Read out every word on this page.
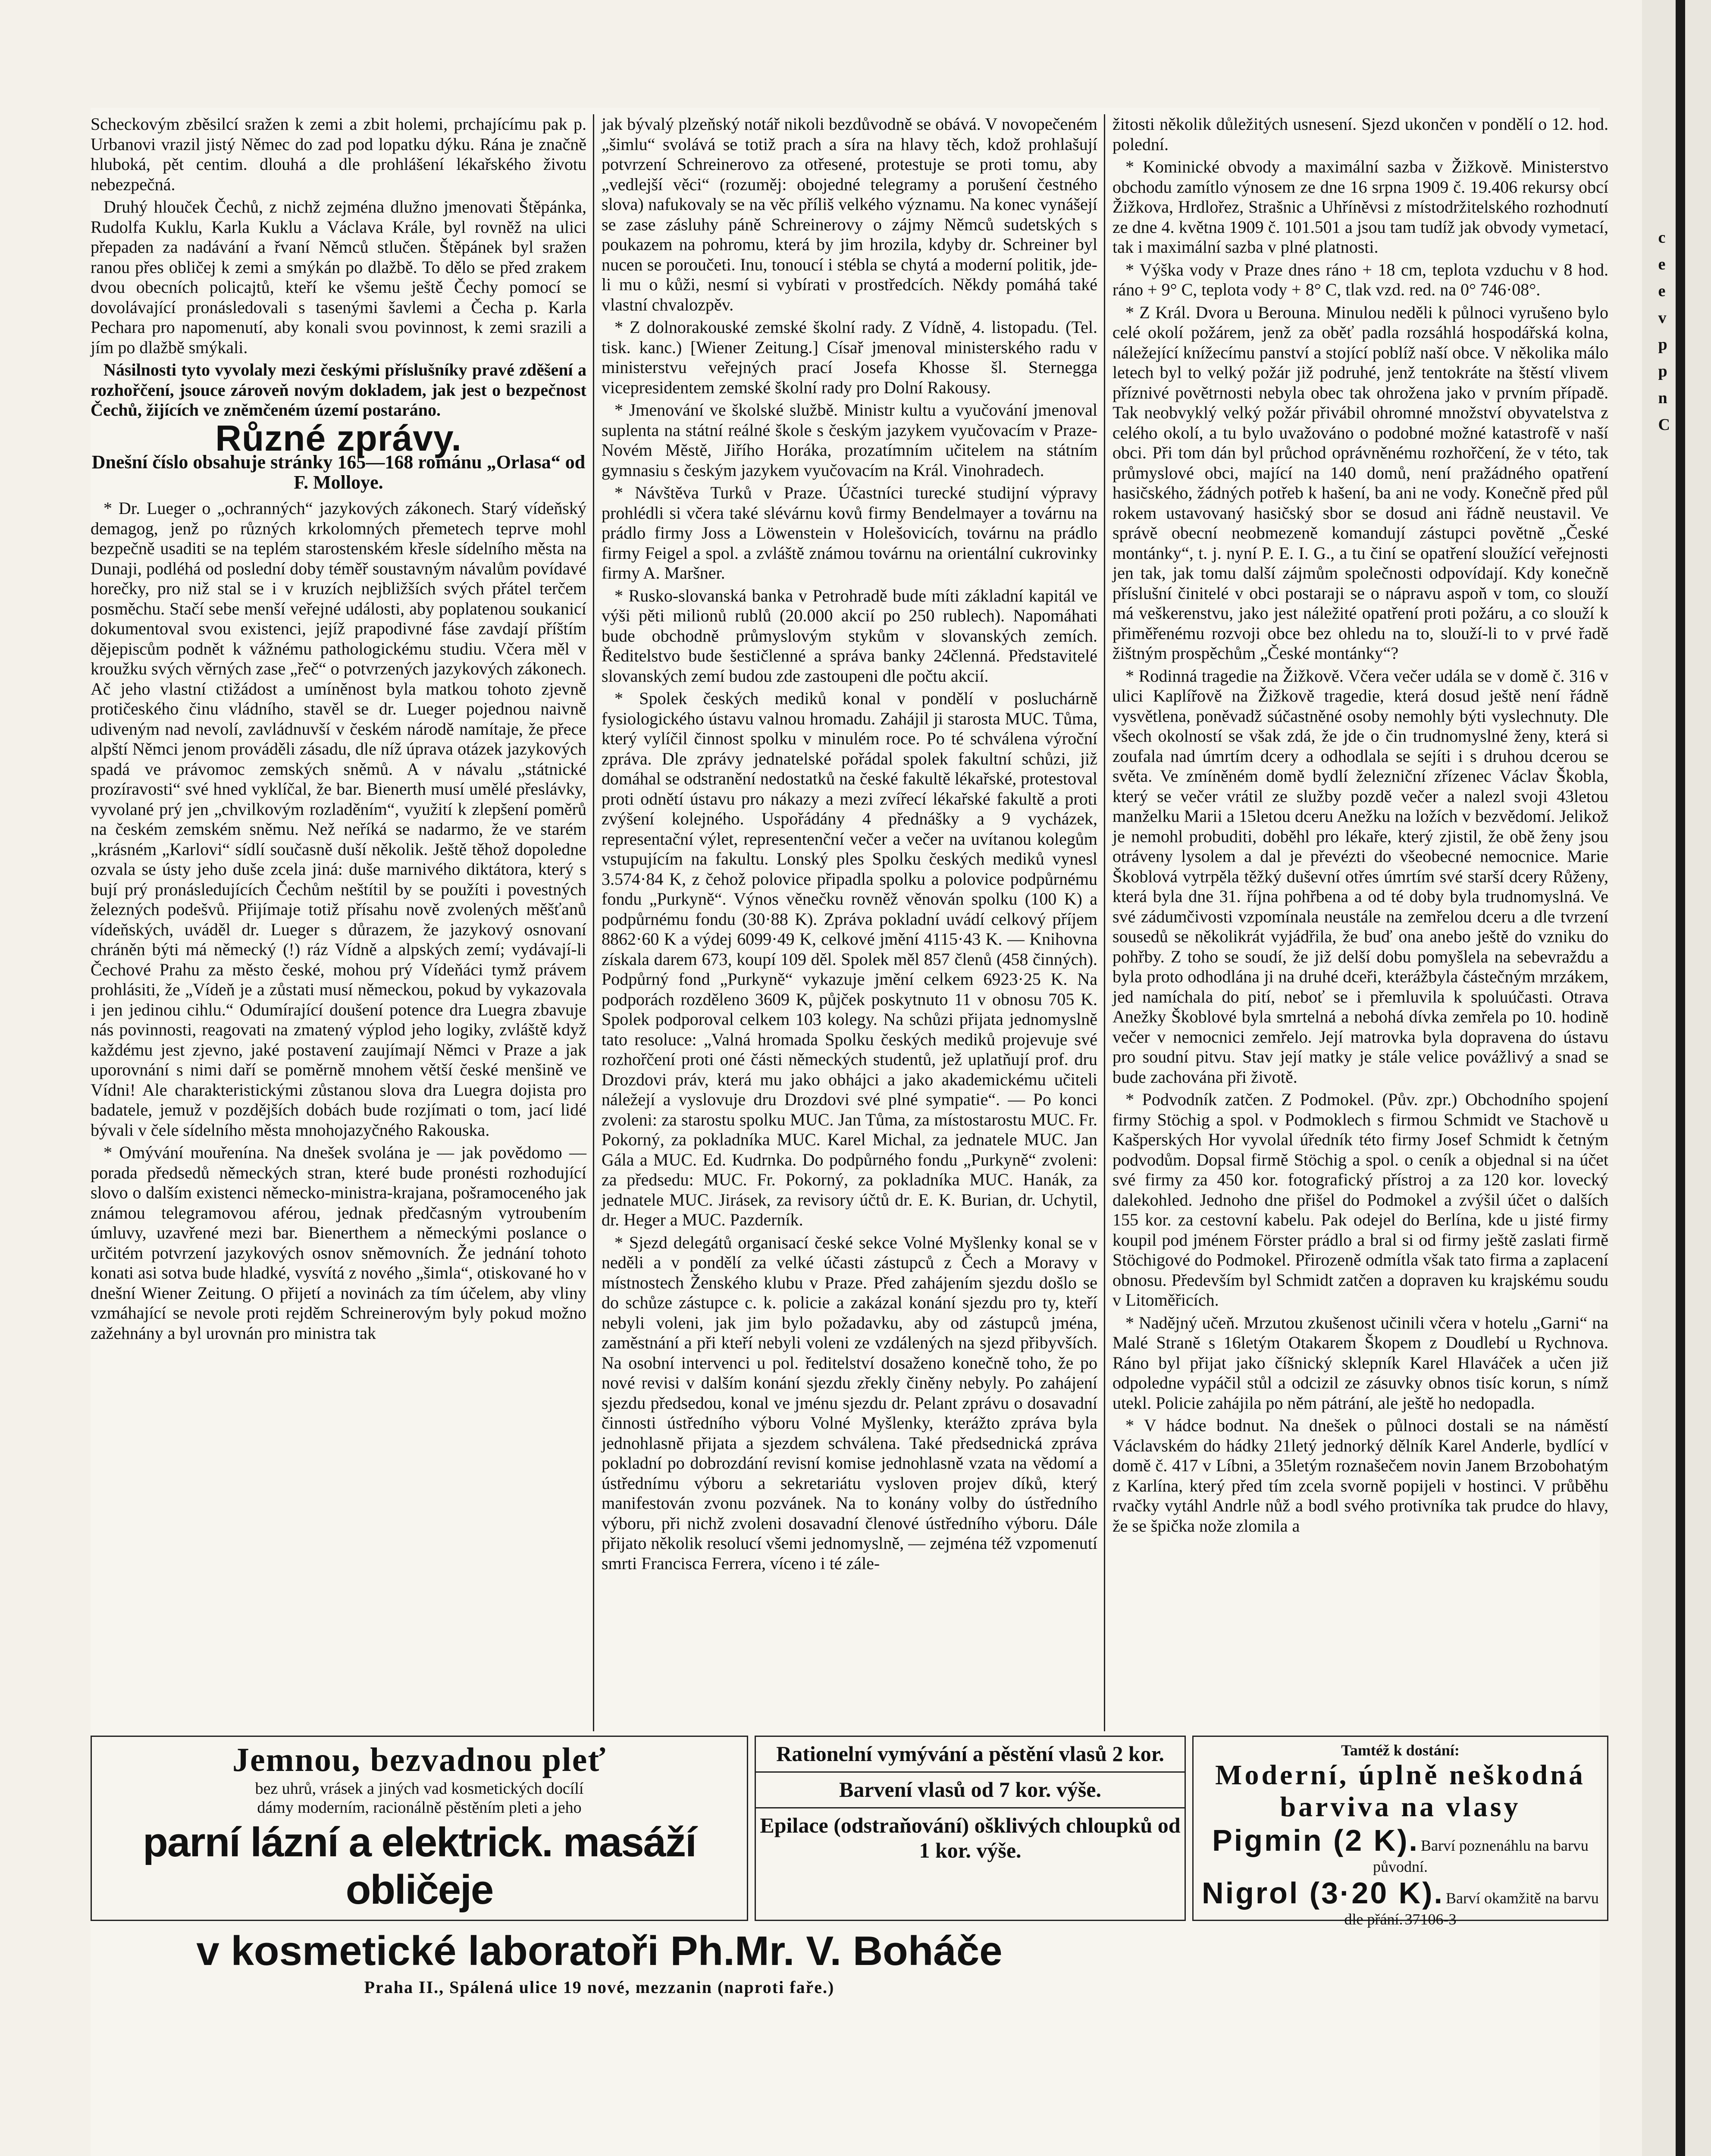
Scheckovým zběsilcí sražen k zemi a zbit holemi, prchajícímu pak p. Urbanovi vrazil jistý Němec do zad pod lopatku dýku. Rána je značně hluboká, pět centim. dlouhá a dle prohlášení lékařského životu nebezpečná.

Druhý hlouček Čechů, z nichž zejména dlužno jmenovati Štěpánka, Rudolfa Kuklu, Karla Kuklu a Václava Krále, byl rovněž na ulici přepaden za nadávání a řvaní Němců stlučen. Štěpánek byl sražen ranou přes obličej k zemi a smýkán po dlažbě. To dělo se před zrakem dvou obecních policajtů, kteří ke všemu ještě Čechy pomocí se dovolávající pronásledovali s tasenými šavlemi a Čecha p. Karla Pechara pro napomenutí, aby konali svou povinnost, k zemi srazili a jím po dlažbě smýkali.

Násilnosti tyto vyvolaly mezi českými příslušníky pravé zděšení a rozhořčení, jsouce zároveň novým dokladem, jak jest o bezpečnost Čechů, žijících ve zněmčeném území postaráno.

Různé zprávy.
Dnešní číslo obsahuje stránky 165—168 románu „Orlasa“ od F. Molloye.

* Dr. Lueger o „ochranných“ jazykových zákonech. Starý vídeňský demagog, jenž po různých krkolomných přemetech teprve mohl bezpečně usaditi se na teplém starostenském křesle sídelního města na Dunaji, podléhá od poslední doby téměř soustavným návalům povídavé horečky, pro niž stal se i v kruzích nejbližších svých přátel terčem posměchu. Stačí sebe menší veřejné události, aby poplatenou soukanicí dokumentoval svou existenci, jejíž prapodivné fáse zavdají příštím dějepiscům podnět k vážnému pathologickému studiu. Včera měl v kroužku svých věrných zase „řeč“ o potvrzených jazykových zákonech. Ač jeho vlastní ctižádost a umíněnost byla matkou tohoto zjevně protičeského činu vládního, stavěl se dr. Lueger pojednou naivně udiveným nad nevolí, zavládnuvší v českém národě namítaje, že přece alpští Němci jenom prováděli zásadu, dle níž úprava otázek jazykových spadá ve právomoc zemských sněmů. A v návalu „státnické prozíravosti“ své hned vyklíčal, že bar. Bienerth musí umělé přeslávky, vyvolané prý jen „chvilkovým rozladěním“, využití k zlepšení poměrů na českém zemském sněmu. Než neříká se nadarmo, že ve starém „krásném „Karlovi“ sídlí současně duší několik. Ještě těhož dopoledne ozvala se ústy jeho duše zcela jiná: duše marnivého diktátora, který s bují prý pronásledujících Čechům neštítil by se použíti i povestných železných podešvů. Přijímaje totiž přísahu nově zvolených měšťanů vídeňských, uváděl dr. Lueger s důrazem, že jazykový osnovaní chráněn býti má německý (!) ráz Vídně a alpských zemí; vydávají-li Čechové Prahu za město české, mohou prý Vídeňáci tymž právem prohlásiti, že „Vídeň je a zůstati musí německou, pokud by vykazovala i jen jedinou cihlu.“ Odumírající doušení potence dra Luegra zbavuje nás povinnosti, reagovati na zmatený výplod jeho logiky, zvláště když každému jest zjevno, jaké postavení zaujímají Němci v Praze a jak uporovnání s nimi daří se poměrně mnohem větší české menšině ve Vídni! Ale charakteristickými zůstanou slova dra Luegra dojista pro badatele, jemuž v pozdějších dobách bude rozjímati o tom, jací lidé bývali v čele sídelního města mnohojazyčného Rakouska.

* Omývání mouřenína. Na dnešek svolána je — jak povědomo — porada předsedů německých stran, které bude pronésti rozhodující slovo o dalším existenci německo-ministra-krajana, pošramoceného jak známou telegramovou aférou, jednak předčasným vytroubením úmluvy, uzavřené mezi bar. Bienerthem a německými poslance o určitém potvrzení jazykových osnov sněmovních. Že jednání tohoto konati asi sotva bude hladké, vysvítá z nového „šimla“, otiskované ho v dnešní Wiener Zeitung. O přijetí a novinách za tím účelem, aby vliny vzmáhající se nevole proti rejděm Schreinerovým byly pokud možno zažehnány a byl urovnán pro ministra tak

jak bývalý plzeňský notář nikoli bezdůvodně se obává. V novopečeném „šimlu“ svolává se totiž prach a síra na hlavy těch, kdož prohlašují potvrzení Schreinerovo za otřesené, protestuje se proti tomu, aby „vedlejší věci“ (rozuměj: obojedné telegramy a porušení čestného slova) nafukovaly se na věc příliš velkého významu. Na konec vynášejí se zase zásluhy páně Schreinerovy o zájmy Němců sudetských s poukazem na pohromu, která by jim hrozila, kdyby dr. Schreiner byl nucen se poroučeti. Inu, tonoucí i stébla se chytá a moderní politik, jde-li mu o kůži, nesmí si vybírati v prostředcích. Někdy pomáhá také vlastní chvalozpěv.

* Z dolnorakouské zemské školní rady. Z Vídně, 4. listopadu. (Tel. tisk. kanc.) [Wiener Zeitung.] Císař jmenoval ministerského radu v ministerstvu veřejných prací Josefa Khosse šl. Sternegga vicepresidentem zemské školní rady pro Dolní Rakousy.

* Jmenování ve školské službě. Ministr kultu a vyučování jmenoval suplenta na státní reálné škole s českým jazykem vyučovacím v Praze-Novém Městě, Jiřího Horáka, prozatímním učitelem na státním gymnasiu s českým jazykem vyučovacím na Král. Vinohradech.

* Návštěva Turků v Praze. Účastníci turecké studijní výpravy prohlédli si včera také slévárnu kovů firmy Bendelmayer a továrnu na prádlo firmy Joss a Löwenstein v Holešovicích, továrnu na prádlo firmy Feigel a spol. a zvláště známou továrnu na orientální cukrovinky firmy A. Maršner.

* Rusko-slovanská banka v Petrohradě bude míti základní kapitál ve výši pěti milionů rublů (20.000 akcií po 250 rublech). Napomáhati bude obchodně průmyslovým stykům v slovanských zemích. Ředitelstvo bude šestičlenné a správa banky 24členná. Představitelé slovanských zemí budou zde zastoupeni dle počtu akcií.

* Spolek českých mediků konal v pondělí v posluchárně fysiologického ústavu valnou hromadu. Zahájil ji starosta MUC. Tůma, který vylíčil činnost spolku v minulém roce. Po té schválena výroční zpráva. Dle zprávy jednatelské pořádal spolek fakultní schůzi, již domáhal se odstranění nedostatků na české fakultě lékařské, protestoval proti odnětí ústavu pro nákazy a mezi zvířecí lékařské fakultě a proti zvýšení kolejného. Uspořádány 4 přednášky a 9 vycházek, representační výlet, representenční večer a večer na uvítanou kolegům vstupujícím na fakultu. Lonský ples Spolku českých mediků vynesl 3.574·84 K, z čehož polovice připadla spolku a polovice podpůrnému fondu „Purkyně“. Výnos věnečku rovněž věnován spolku (100 K) a podpůrnému fondu (30·88 K). Zpráva pokladní uvádí celkový příjem 8862·60 K a výdej 6099·49 K, celkové jmění 4115·43 K. — Knihovna získala darem 673, koupí 109 děl. Spolek měl 857 členů (458 činných). Podpůrný fond „Purkyně“ vykazuje jmění celkem 6923·25 K. Na podporách rozděleno 3609 K, půjček poskytnuto 11 v obnosu 705 K. Spolek podporoval celkem 103 kolegy. Na schůzi přijata jednomyslně tato resoluce: „Valná hromada Spolku českých mediků projevuje své rozhořčení proti oné části německých studentů, jež uplatňují prof. dru Drozdovi práv, která mu jako obhájci a jako akademickému učiteli náležejí a vyslovuje dru Drozdovi své plné sympatie“. — Po konci zvoleni: za starostu spolku MUC. Jan Tůma, za místostarostu MUC. Fr. Pokorný, za pokladníka MUC. Karel Michal, za jednatele MUC. Jan Gála a MUC. Ed. Kudrnka. Do podpůrného fondu „Purkyně“ zvoleni: za předsedu: MUC. Fr. Pokorný, za pokladníka MUC. Hanák, za jednatele MUC. Jirásek, za revisory účtů dr. E. K. Burian, dr. Uchytil, dr. Heger a MUC. Pazderník.

* Sjezd delegátů organisací české sekce Volné Myšlenky konal se v neděli a v pondělí za velké účasti zástupců z Čech a Moravy v místnostech Ženského klubu v Praze. Před zahájením sjezdu došlo se do schůze zástupce c. k. policie a zakázal konání sjezdu pro ty, kteří nebyli voleni, jak jim bylo požadavku, aby od zástupců jména, zaměstnání a při kteří nebyli voleni ze vzdálených na sjezd přibyvších. Na osobní intervenci u pol. ředitelství dosaženo konečně toho, že po nové revisi v dalším konání sjezdu zřekly činěny nebyly. Po zahájení sjezdu předsedou, konal ve jménu sjezdu dr. Pelant zprávu o dosavadní činnosti ústředního výboru Volné Myšlenky, kterážto zpráva byla jednohlasně přijata a sjezdem schválena. Také předsednická zpráva pokladní po dobrozdání revisní komise jednohlasně vzata na vědomí a ústřednímu výboru a sekretariátu vysloven projev díků, který manifestován zvonu pozvánek. Na to konány volby do ústředního výboru, při nichž zvoleni dosavadní členové ústředního výboru. Dále přijato několik resolucí všemi jednomyslně, — zejména též vzpomenutí smrti Francisca Ferrera, víceno i té zále-

žitosti několik důležitých usnesení. Sjezd ukončen v pondělí o 12. hod. polední.

* Kominické obvody a maximální sazba v Žižkově. Ministerstvo obchodu zamítlo výnosem ze dne 16 srpna 1909 č. 19.406 rekursy obcí Žižkova, Hrdlořez, Strašnic a Uhříněvsi z místodržitelského rozhodnutí ze dne 4. května 1909 č. 101.501 a jsou tam tudíž jak obvody vymetací, tak i maximální sazba v plné platnosti.

* Výška vody v Praze dnes ráno + 18 cm, teplota vzduchu v 8 hod. ráno + 9° C, teplota vody + 8° C, tlak vzd. red. na 0° 746·08°.

* Z Král. Dvora u Berouna. Minulou neděli k půlnoci vyrušeno bylo celé okolí požárem, jenž za oběť padla rozsáhlá hospodářská kolna, náležející knížecímu panství a stojící poblíž naší obce. V několika málo letech byl to velký požár již podruhé, jenž tentokráte na štěstí vlivem příznivé povětrnosti nebyla obec tak ohrožena jako v prvním případě. Tak neobvyklý velký požár přivábil ohromné množství obyvatelstva z celého okolí, a tu bylo uvažováno o podobné možné katastrofě v naší obci. Při tom dán byl průchod oprávněnému rozhořčení, že v této, tak průmyslové obci, mající na 140 domů, není pražádného opatření hasičského, žádných potřeb k hašení, ba ani ne vody. Konečně před půl rokem ustavovaný hasičský sbor se dosud ani řádně neustavil. Ve správě obecní neobmezeně komandují zástupci povětně „České montánky“, t. j. nyní P. E. I. G., a tu činí se opatření sloužící veřejnosti jen tak, jak tomu další zájmům společnosti odpovídají. Kdy konečně příslušní činitelé v obci postaraji se o nápravu aspoň v tom, co slouží má veškerenstvu, jako jest náležité opatření proti požáru, a co slouží k přiměřenému rozvoji obce bez ohledu na to, slouží-li to v prvé řadě žištným prospěchům „České montánky“?

* Rodinná tragedie na Žižkově. Včera večer udála se v domě č. 316 v ulici Kaplířově na Žižkově tragedie, která dosud ještě není řádně vysvětlena, poněvadž súčastněné osoby nemohly býti vyslechnuty. Dle všech okolností se však zdá, že jde o čin trudnomyslné ženy, která si zoufala nad úmrtím dcery a odhodlala se sejíti i s druhou dcerou se světa. Ve zmíněném domě bydlí železniční zřízenec Václav Škobla, který se večer vrátil ze služby pozdě večer a nalezl svoji 43letou manželku Marii a 15letou dceru Anežku na ložích v bezvědomí. Jelikož je nemohl probuditi, doběhl pro lékaře, který zjistil, že obě ženy jsou otráveny lysolem a dal je převézti do všeobecné nemocnice. Marie Škoblová vytrpěla těžký duševní otřes úmrtím své starší dcery Růženy, která byla dne 31. října pohřbena a od té doby byla trudnomyslná. Ve své zádumčivosti vzpomínala neustále na zemřelou dceru a dle tvrzení sousedů se několikrát vyjádřila, že buď ona anebo ještě do vzniku do pohřby. Z toho se soudí, že již delší dobu pomyšlela na sebevraždu a byla proto odhodlána ji na druhé dceři, kterážbyla částečným mrzákem, jed namíchala do pití, neboť se i přemluvila k spoluúčasti. Otrava Anežky Škoblové byla smrtelná a nebohá dívka zemřela po 10. hodině večer v nemocnici zemřelo. Její matrovka byla dopravena do ústavu pro soudní pitvu. Stav její matky je stále velice povážlivý a snad se bude zachována při životě.

* Podvodník zatčen. Z Podmokel. (Pův. zpr.) Obchodního spojení firmy Stöchig a spol. v Podmoklech s firmou Schmidt ve Stachově u Kašperských Hor vyvolal úředník této firmy Josef Schmidt k četným podvodům. Dopsal firmě Stöchig a spol. o ceník a objednal si na účet své firmy za 450 kor. fotografický přístroj a za 120 kor. lovecký dalekohled. Jednoho dne přišel do Podmokel a zvýšil účet o dalších 155 kor. za cestovní kabelu. Pak odejel do Berlína, kde u jisté firmy koupil pod jménem Förster prádlo a bral si od firmy ještě zaslati firmě Stöchigové do Podmokel. Přirozeně odmítla však tato firma a zaplacení obnosu. Především byl Schmidt zatčen a dopraven ku krajskému soudu v Litoměřicích.

* Nadějný učeň. Mrzutou zkušenost učinili včera v hotelu „Garni“ na Malé Straně s 16letým Otakarem Škopem z Doudlebí u Rychnova. Ráno byl přijat jako číšnický sklepník Karel Hlaváček a učen již odpoledne vypáčil stůl a odcizil ze zásuvky obnos tisíc korun, s nímž utekl. Policie zahájila po něm pátrání, ale ještě ho nedopadla.

* V hádce bodnut. Na dnešek o půlnoci dostali se na náměstí Václavském do hádky 21letý jednorký dělník Karel Anderle, bydlící v domě č. 417 v Líbni, a 35letým roznašečem novin Janem Brzobohatým z Karlína, který před tím zcela svorně popijeli v hostinci. V průběhu rvačky vytáhl Andrle nůž a bodl svého protivníka tak prudce do hlavy, že se špička nože zlomila a

Jemnou, bezvadnou pleť
bez uhrů, vrásek a jiných vad kosmetických docílí
dámy moderním, racionálně pěstěním pleti a jeho
parní lázní a elektrick. masáží obličeje
Rationelní vymývání a pěstění vlasů 2 kor.
Barvení vlasů od 7 kor. výše.
Epilace (odstraňování) ošklivých chloupků od 1 kor. výše.
Tamtéž k dostání:
Moderní, úplně neškodná barviva na vlasy
Pigmin (2 K). Barví poznenáhlu na barvu původní.
Nigrol (3·20 K). Barví okamžitě na barvu dle přání. 37106-3
v kosmetické laboratoři Ph.Mr. V. Boháče
Praha II., Spálená ulice 19 nové, mezzanin (naproti faře.)
c
e
e
v
p
p
n
C
